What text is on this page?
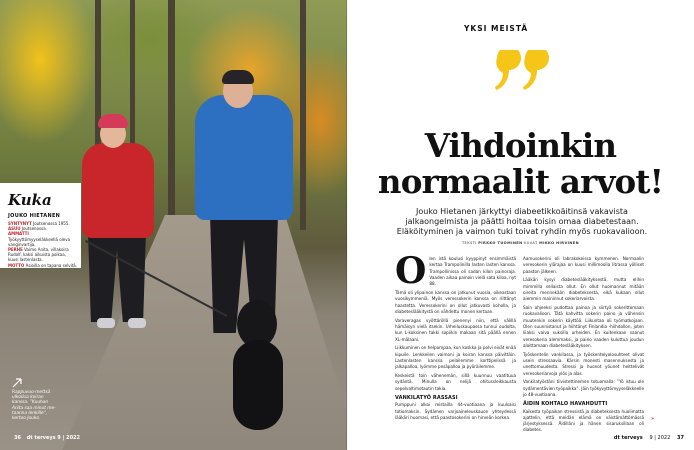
Kuka
JOUKO HIETANEN
SYNTYNYT Joutsenossa 1955.
ASUU Joutsenossa.
AMMATTI Työkyyttömyyseläkkeellä oleva vanginvartija.
PERHE Vaimo Anita, villakoira Rudolf, kaksi aikuista poikaa, kuusi lastenlasta.
MOTTO Asioilla on tapana selvitä.
Rappuvuo-mettsä ulkoilua koiran kanssa. ”Kuuhan Anita saa minut me-taanna lenkille”, kertoo Jouko.
36 dt terveys 9 | 2022
YKSI MEISTÄ
Vihdoinkin
normaalit arvot!
Jouko Hietanen järkyttyi diabeetikkoäitinsä vakavista jalkaongelmista ja päätti hoitaa toisin omaa diabetestaan. Eläköityminen ja vaimon tuki toivat ryhdin myös ruokavalioon.
TEKSTI PIRKKO TUOMINEN KUVAT MIKKO HIRVINEN

Olen istä koulusi kyyppinyt ensimmäistä kertaa Trampolinilla lasten lasten kanssa. Trampoliinissa oli sadan kilon painoraja. Vaaden aikaa painoin vielä sata kiloa, nyt 88.

Tämä oli ylipainon kanssa on jatkunut vuosia, oikeastaan vuosikymmeniä. Myös veressokerin kanssa on riittänyt haastetta. Veressokerini on ollut jatkuvasti koholla, ja diabeteslääkitystä on vähdettu monen kertaan.

Varaveragas vyöttäröllä pienenyi niin, että välillä hämäisyn vielä itsekin. Urheiluskaupassa tunnui oudolta, kun L-koksinen takki sopiikin makaan sitä päällä ennen XL-mälaani.

Liikkuminen on helpompaa, kun koskka ja polvi eivät enää kipuile. Lenkkeilen vaimoni ja koiran kanssa päivittäin. Lastenlasten kanssa pelailemme korttipelissä ja jalkapalloa, lyömme pesäpalloa ja pyöräilemme.

Keskeistä toin vähenemän, sillä kuunnuu vaatituua sydäntä. Minulla on nelijä ohitussleikkausta sepelvaltimotautin takia.

VANKILATYÖ RASSASI

Pumppuni alkoi reistailla 44-vuotiaana ja kuulsaisi totiomaksin. Sydämen varjoaineleuskauon yhteydessä lääkäri huomasi, että paastosokerini on hirveän korkea.

Aamusokerini oli labrakokeissa kymmenen. Normaalin veresokerin ylärajaa on kuusi millimoolia litrassa yölliset paaston jälkeen.

Lääkäri kysyi diabeteslääkityksestä, mutta elihin mimmilla sellaista ollut. En ollut huomannut mitään oireita mennekään diabeteksesta, eikä kukaan ollut aiemmin maininnut sokeriarvoista.

Sain ohjeeksi pudottaa painoa ja siirtyä sokerittomaan ruokavalioon. Tätä kahvitta sokerin paino ja vähensin muutenkin sokerin käyttöä. Liikuntaa oli työmatkojaan. Olen suunnistanut ja hiihtänyt Finlandia -hiihdollon, joten liiaksi vaiva suksilla urheiden. En kuitenkaan saanut veresokeria alemmaksi, ja paino vaaden kuluttua joudun aloittamaan diabeteslääkityksen.

Työskentelin vankilassa, ja työskentelyolosuhteet olivat usein stressaavia. Kärsin monesti masennuksesta ja unettomuudesta. Stressi ja huonot yöunet heittelivät veresokeriarvoja ylös ja alas.

Vankilatyöstäni tiivistettinemen totuamalla: ”Yö istuu ole sydämentävien työpaikka”. Jäin työkyvyttömyyseläkkeelle jo 48-vuotiaana.

ÄIDIN KOHTALO HAVAHDUTTI

Kaikesta työpaikan stressistä ja diabeteksesta huolimatta ajattelin, että meidän elämä on väistämättömässä järjestyksessä. Äidilläni ja hänen sisaruksillaan oli diabetes.

»
dt terveys 9 | 2022 37
